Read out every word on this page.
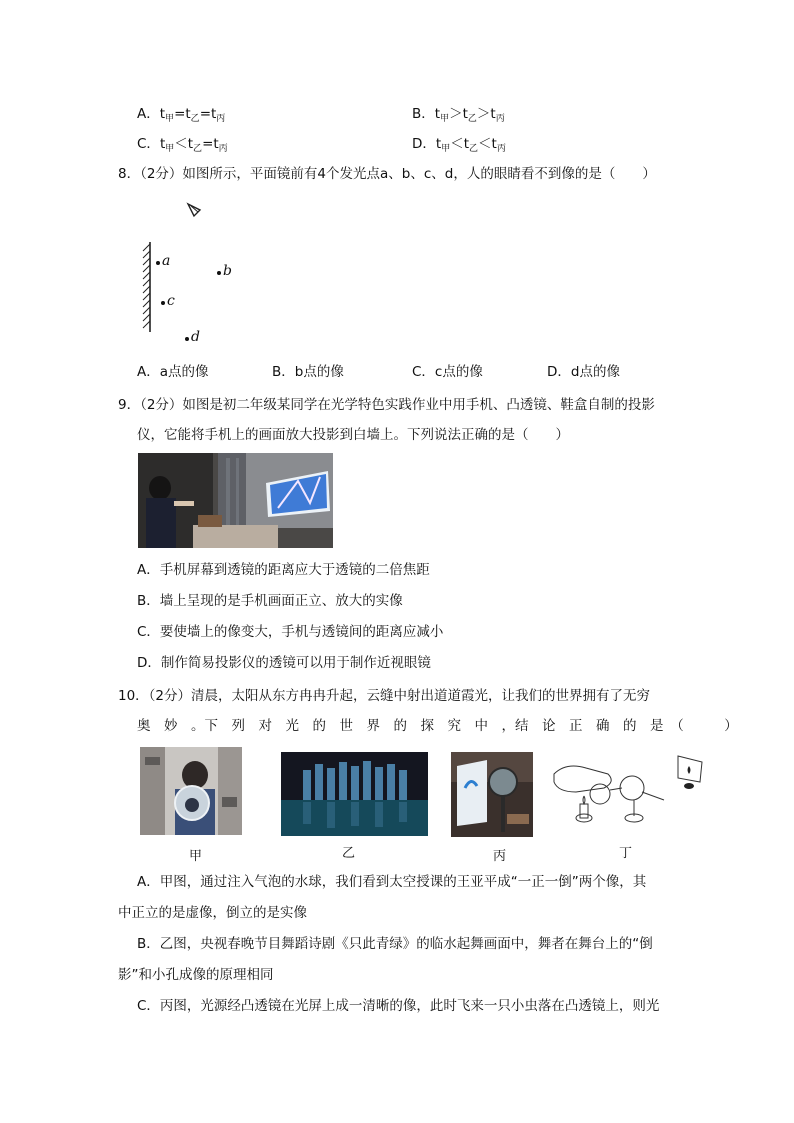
A．$t_甲=t_乙=t_丙$	B．$t_甲>t_乙>t_丙$
C．$t_甲<t_乙=t_丙$	D．$t_甲<t_乙<t_丙$
8．（2分）如图所示，平面镜前有4个发光点a、b、c、d，人的眼睛看不到像的是（　　）
a
b
c
d
A．a点的像	B．b点的像	C．c点的像	D．d点的像
9．（2分）如图是初二年级某同学在光学特色实践作业中用手机、凸透镜、鞋盒自制的投影
仪，它能将手机上的画面放大投影到白墙上。下列说法正确的是（　　）
A．手机屏幕到透镜的距离应大于透镜的二倍焦距
B．墙上呈现的是手机画面正立、放大的实像
C．要使墙上的像变大，手机与透镜间的距离应减小
D．制作简易投影仪的透镜可以用于制作近视眼镜
10．（2分）清晨，太阳从东方冉冉升起，云缝中射出道道霞光，让我们的世界拥有了无穷
奥　妙　。下　列　对　光　的　世　界　的　探　究　中　，结　论　正　确　的　是　（　　　）
甲	乙	丙	丁
A．甲图，通过注入气泡的水球，我们看到太空授课的王亚平成“一正一倒”两个像，其
中正立的是虚像，倒立的是实像
B．乙图，央视春晚节目舞蹈诗剧《只此青绿》的临水起舞画面中，舞者在舞台上的“倒
影”和小孔成像的原理相同
C．丙图，光源经凸透镜在光屏上成一清晰的像，此时飞来一只小虫落在凸透镜上，则光
